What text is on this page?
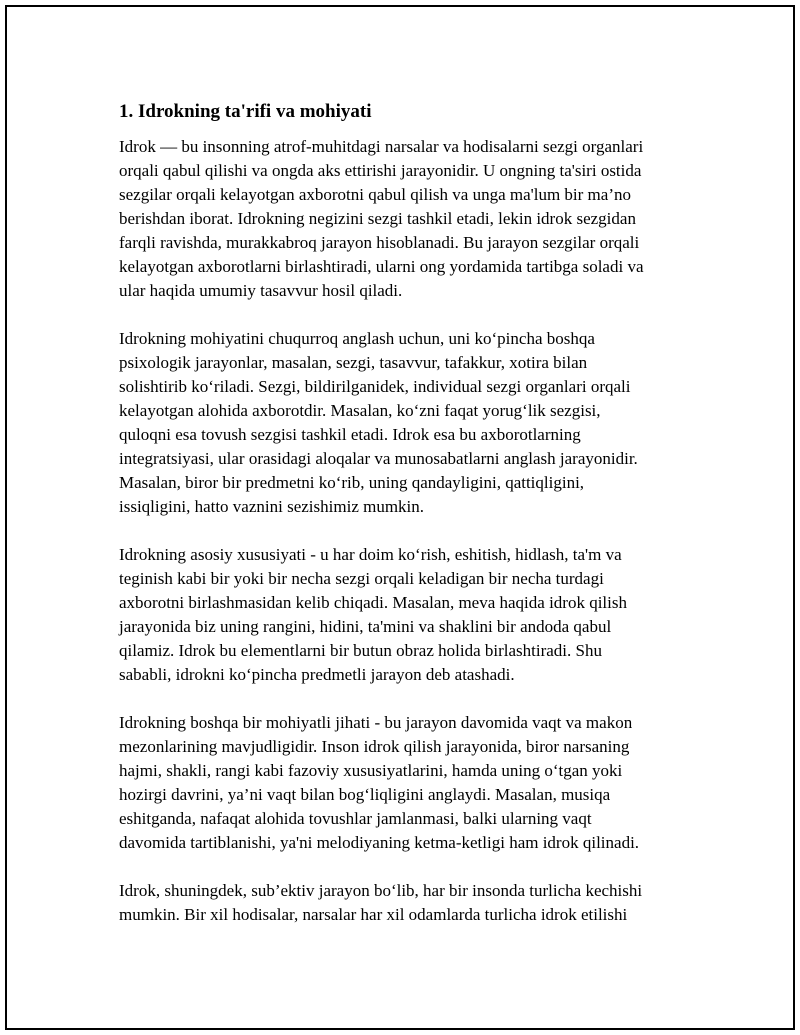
1. Idrokning ta'rifi va mohiyati

Idrok — bu insonning atrof-muhitdagi narsalar va hodisalarni sezgi organlari
orqali qabul qilishi va ongda aks ettirishi jarayonidir. U ongning ta'siri ostida
sezgilar orqali kelayotgan axborotni qabul qilish va unga ma'lum bir ma’no
berishdan iborat. Idrokning negizini sezgi tashkil etadi, lekin idrok sezgidan
farqli ravishda, murakkabroq jarayon hisoblanadi. Bu jarayon sezgilar orqali
kelayotgan axborotlarni birlashtiradi, ularni ong yordamida tartibga soladi va
ular haqida umumiy tasavvur hosil qiladi.

Idrokning mohiyatini chuqurroq anglash uchun, uni ko‘pincha boshqa
psixologik jarayonlar, masalan, sezgi, tasavvur, tafakkur, xotira bilan
solishtirib ko‘riladi. Sezgi, bildirilganidek, individual sezgi organlari orqali
kelayotgan alohida axborotdir. Masalan, ko‘zni faqat yorug‘lik sezgisi,
quloqni esa tovush sezgisi tashkil etadi. Idrok esa bu axborotlarning
integratsiyasi, ular orasidagi aloqalar va munosabatlarni anglash jarayonidir.
Masalan, biror bir predmetni ko‘rib, uning qandayligini, qattiqligini,
issiqligini, hatto vaznini sezishimiz mumkin.

Idrokning asosiy xususiyati - u har doim ko‘rish, eshitish, hidlash, ta'm va
teginish kabi bir yoki bir necha sezgi orqali keladigan bir necha turdagi
axborotni birlashmasidan kelib chiqadi. Masalan, meva haqida idrok qilish
jarayonida biz uning rangini, hidini, ta'mini va shaklini bir andoda qabul
qilamiz. Idrok bu elementlarni bir butun obraz holida birlashtiradi. Shu
sababli, idrokni ko‘pincha predmetli jarayon deb atashadi.

Idrokning boshqa bir mohiyatli jihati - bu jarayon davomida vaqt va makon
mezonlarining mavjudligidir. Inson idrok qilish jarayonida, biror narsaning
hajmi, shakli, rangi kabi fazoviy xususiyatlarini, hamda uning o‘tgan yoki
hozirgi davrini, ya’ni vaqt bilan bog‘liqligini anglaydi. Masalan, musiqa
eshitganda, nafaqat alohida tovushlar jamlanmasi, balki ularning vaqt
davomida tartiblanishi, ya'ni melodiyaning ketma-ketligi ham idrok qilinadi.

Idrok, shuningdek, sub’ektiv jarayon bo‘lib, har bir insonda turlicha kechishi
mumkin. Bir xil hodisalar, narsalar har xil odamlarda turlicha idrok etilishi
